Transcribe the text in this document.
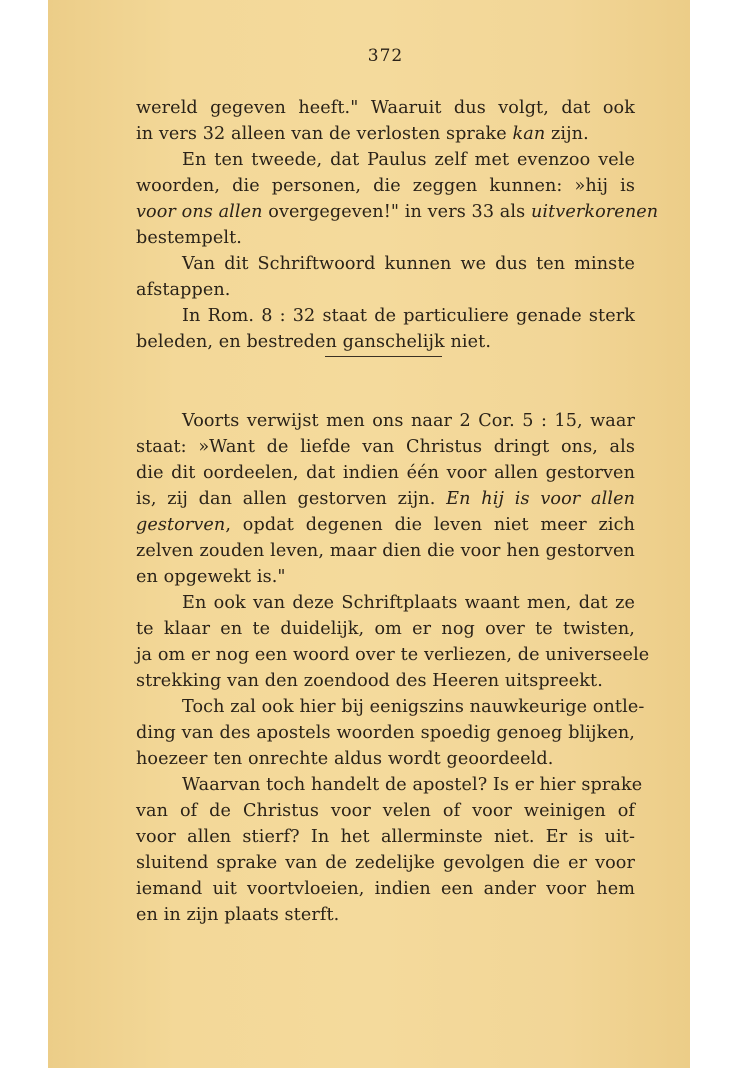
372
wereld gegeven heeft." Waaruit dus volgt, dat ook
in vers 32 alleen van de verlosten sprake kan zijn.
En ten tweede, dat Paulus zelf met evenzoo vele
woorden, die personen, die zeggen kunnen: »hij is
voor ons allen overgegeven!" in vers 33 als uitverkorenen
bestempelt.
Van dit Schriftwoord kunnen we dus ten minste
afstappen.
In Rom. 8 : 32 staat de particuliere genade sterk
beleden, en bestreden ganschelijk niet.
Voorts verwijst men ons naar 2 Cor. 5 : 15, waar
staat: »Want de liefde van Christus dringt ons, als
die dit oordeelen, dat indien één voor allen gestorven
is, zij dan allen gestorven zijn. En hij is voor allen
gestorven, opdat degenen die leven niet meer zich
zelven zouden leven, maar dien die voor hen gestorven
en opgewekt is."
En ook van deze Schriftplaats waant men, dat ze
te klaar en te duidelijk, om er nog over te twisten,
ja om er nog een woord over te verliezen, de universeele
strekking van den zoendood des Heeren uitspreekt.
Toch zal ook hier bij eenigszins nauwkeurige ontle-
ding van des apostels woorden spoedig genoeg blijken,
hoezeer ten onrechte aldus wordt geoordeeld.
Waarvan toch handelt de apostel? Is er hier sprake
van of de Christus voor velen of voor weinigen of
voor allen stierf? In het allerminste niet. Er is uit-
sluitend sprake van de zedelijke gevolgen die er voor
iemand uit voortvloeien, indien een ander voor hem
en in zijn plaats sterft.
